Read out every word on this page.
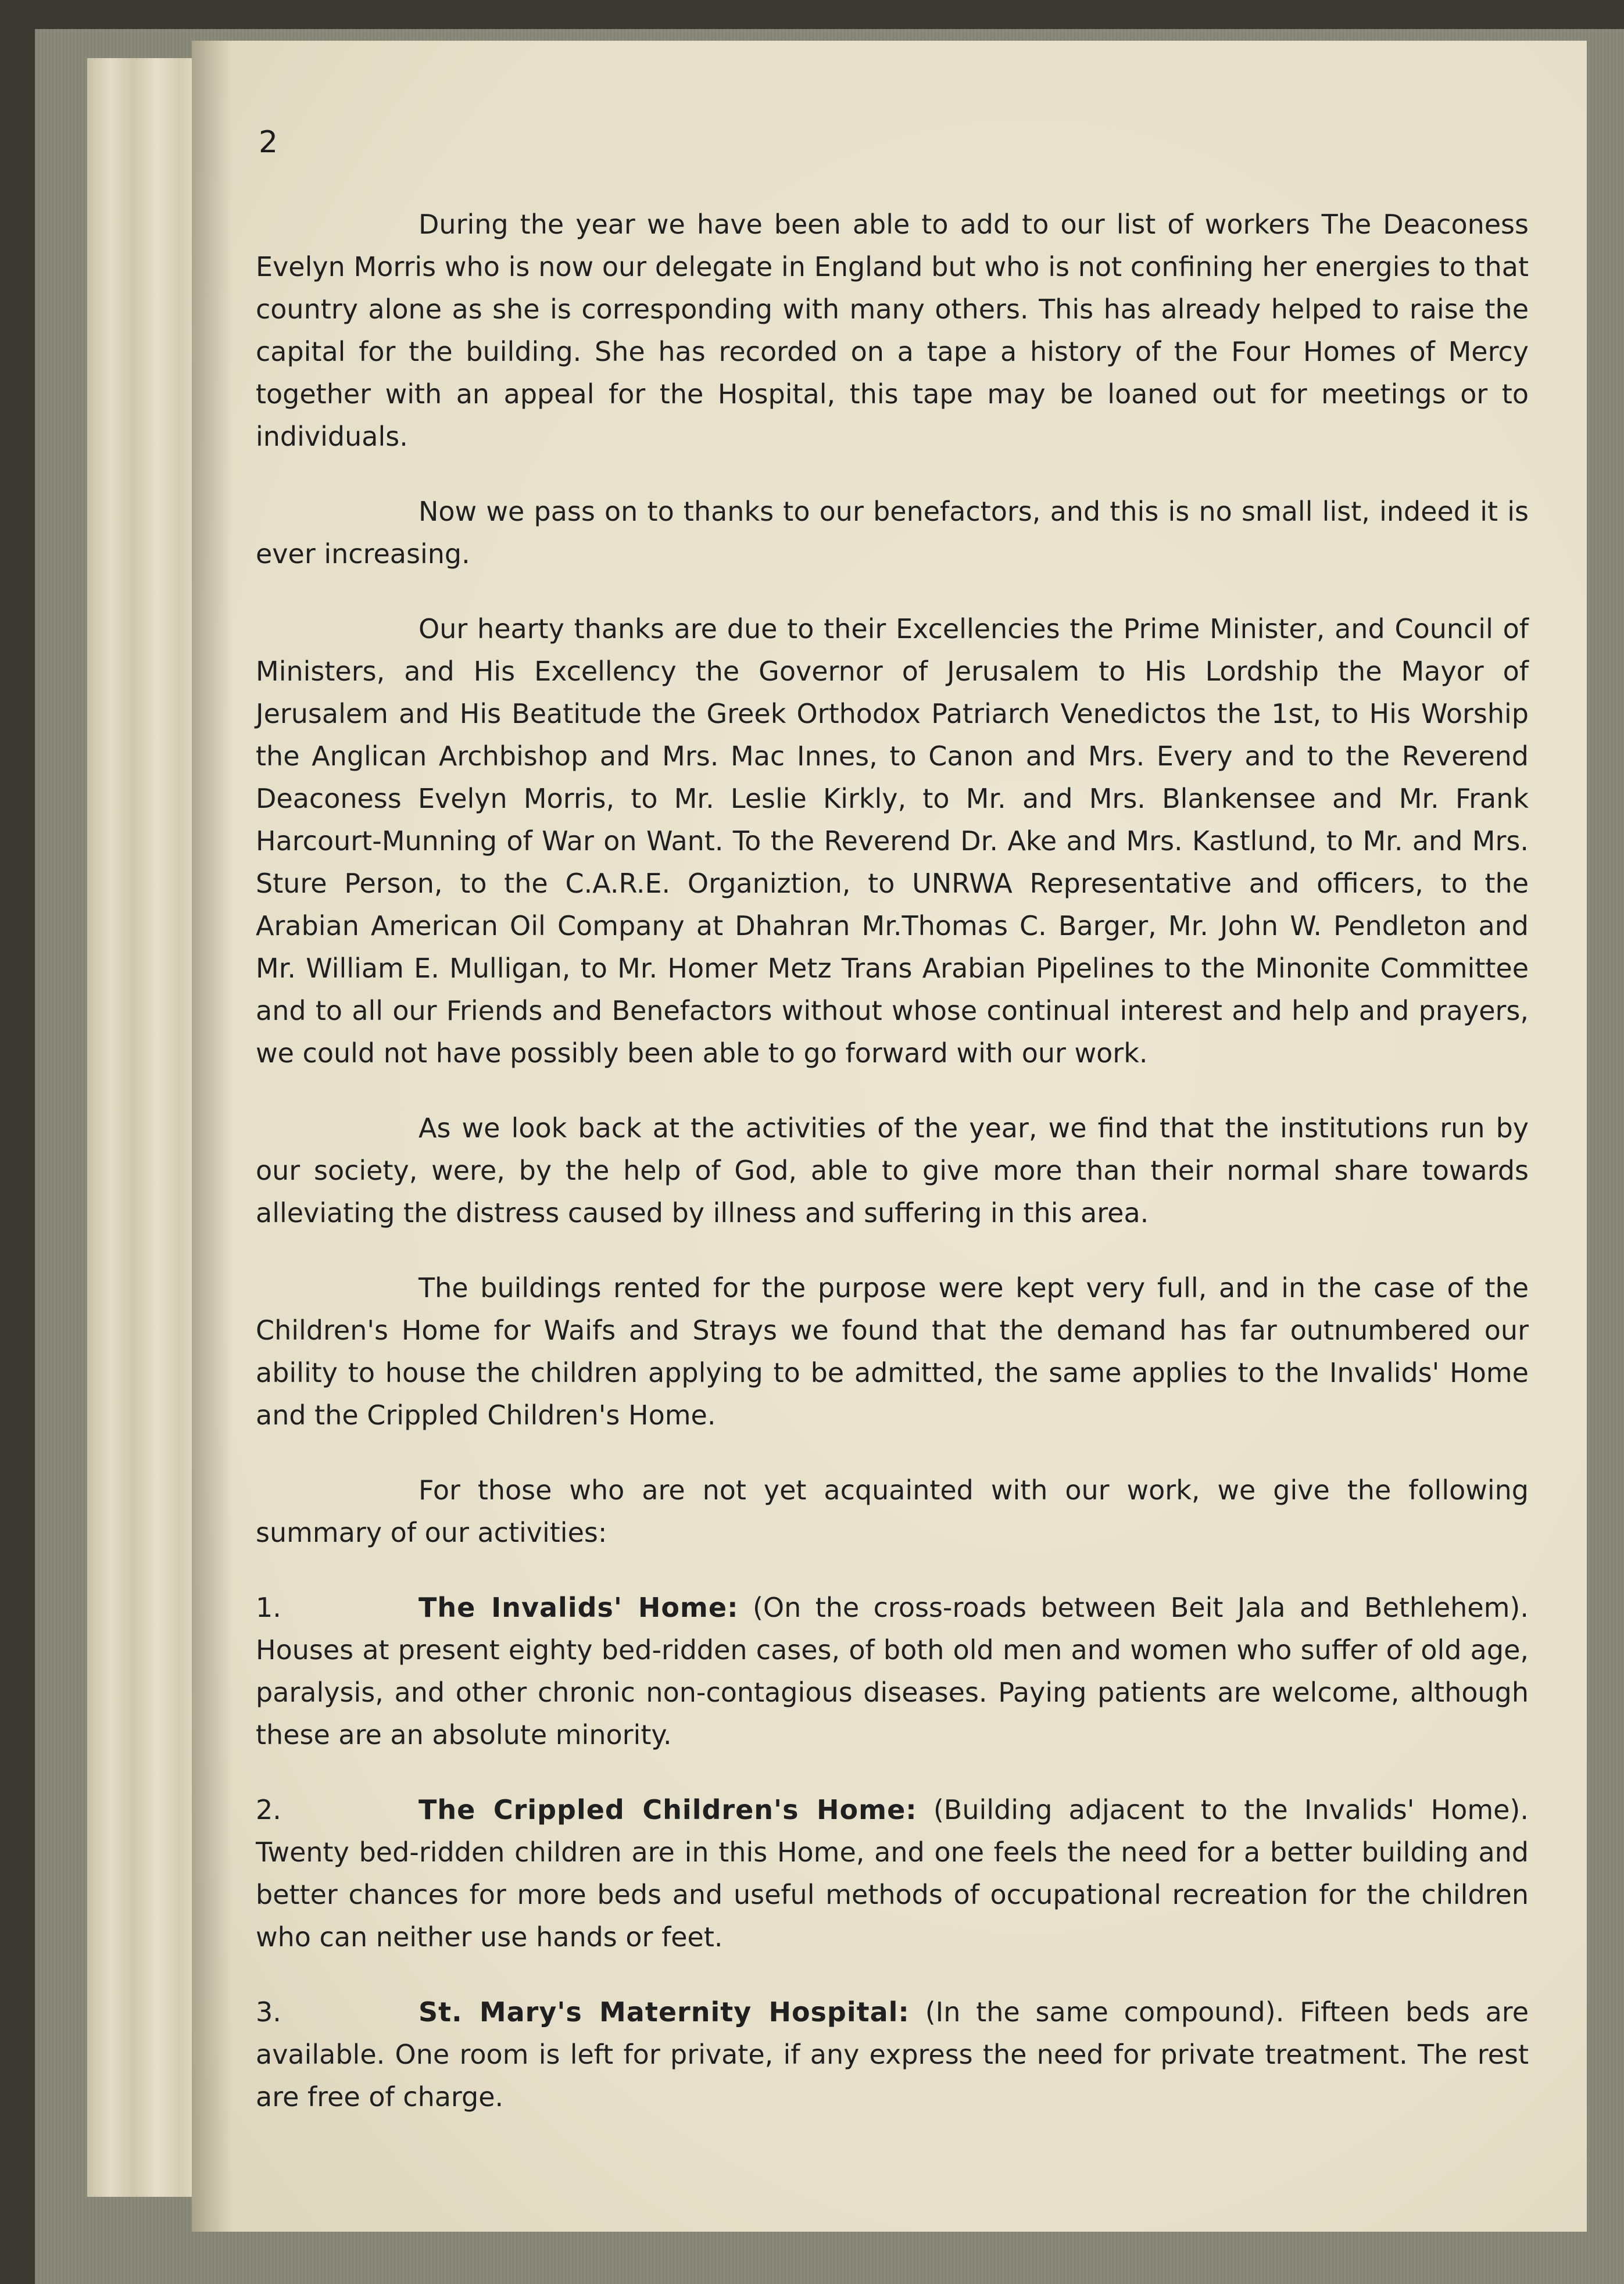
2

During the year we have been able to add to our list of workers The Deaconess Evelyn Morris who is now our delegate in England but who is not confining her energies to that country alone as she is corresponding with many others. This has already helped to raise the capital for the building. She has recorded on a tape a history of the Four Homes of Mercy together with an appeal for the Hospital, this tape may be loaned out for meetings or to individuals.

Now we pass on to thanks to our benefactors, and this is no small list, indeed it is ever increasing.

Our hearty thanks are due to their Excellencies the Prime Minister, and Council of Ministers, and His Excellency the Governor of Jerusalem to His Lordship the Mayor of Jerusalem and His Beatitude the Greek Orthodox Patriarch Venedictos the 1st, to His Worship the Anglican Archbishop and Mrs. Mac Innes, to Canon and Mrs. Every and to the Reverend Deaconess Evelyn Morris, to Mr. Leslie Kirkly, to Mr. and Mrs. Blankensee and Mr. Frank Harcourt-Munning of War on Want. To the Reverend Dr. Ake and Mrs. Kastlund, to Mr. and Mrs. Sture Person, to the C.A.R.E. Organiztion, to UNRWA Representative and officers, to the Arabian American Oil Company at Dhahran Mr.Thomas C. Barger, Mr. John W. Pendleton and Mr. William E. Mulligan, to Mr. Homer Metz Trans Arabian Pipelines to the Minonite Committee and to all our Friends and Benefactors without whose continual interest and help and prayers, we could not have possibly been able to go forward with our work.

As we look back at the activities of the year, we find that the institutions run by our society, were, by the help of God, able to give more than their normal share towards alleviating the distress caused by illness and suffering in this area.

The buildings rented for the purpose were kept very full, and in the case of the Children's Home for Waifs and Strays we found that the demand has far outnumbered our ability to house the children applying to be admitted, the same applies to the Invalids' Home and the Crippled Children's Home.

For those who are not yet acquainted with our work, we give the following summary of our activities:

1.	The Invalids' Home: (On the cross-roads between Beit Jala and Bethlehem). Houses at present eighty bed-ridden cases, of both old men and women who suffer of old age, paralysis, and other chronic non-contagious diseases. Paying patients are welcome, although these are an absolute minority.

2.	The Crippled Children's Home: (Building adjacent to the Invalids' Home). Twenty bed-ridden children are in this Home, and one feels the need for a better building and better chances for more beds and useful methods of occupational recreation for the children who can neither use hands or feet.

3.	St. Mary's Maternity Hospital: (In the same compound). Fifteen beds are available. One room is left for private, if any express the need for private treatment. The rest are free of charge.
